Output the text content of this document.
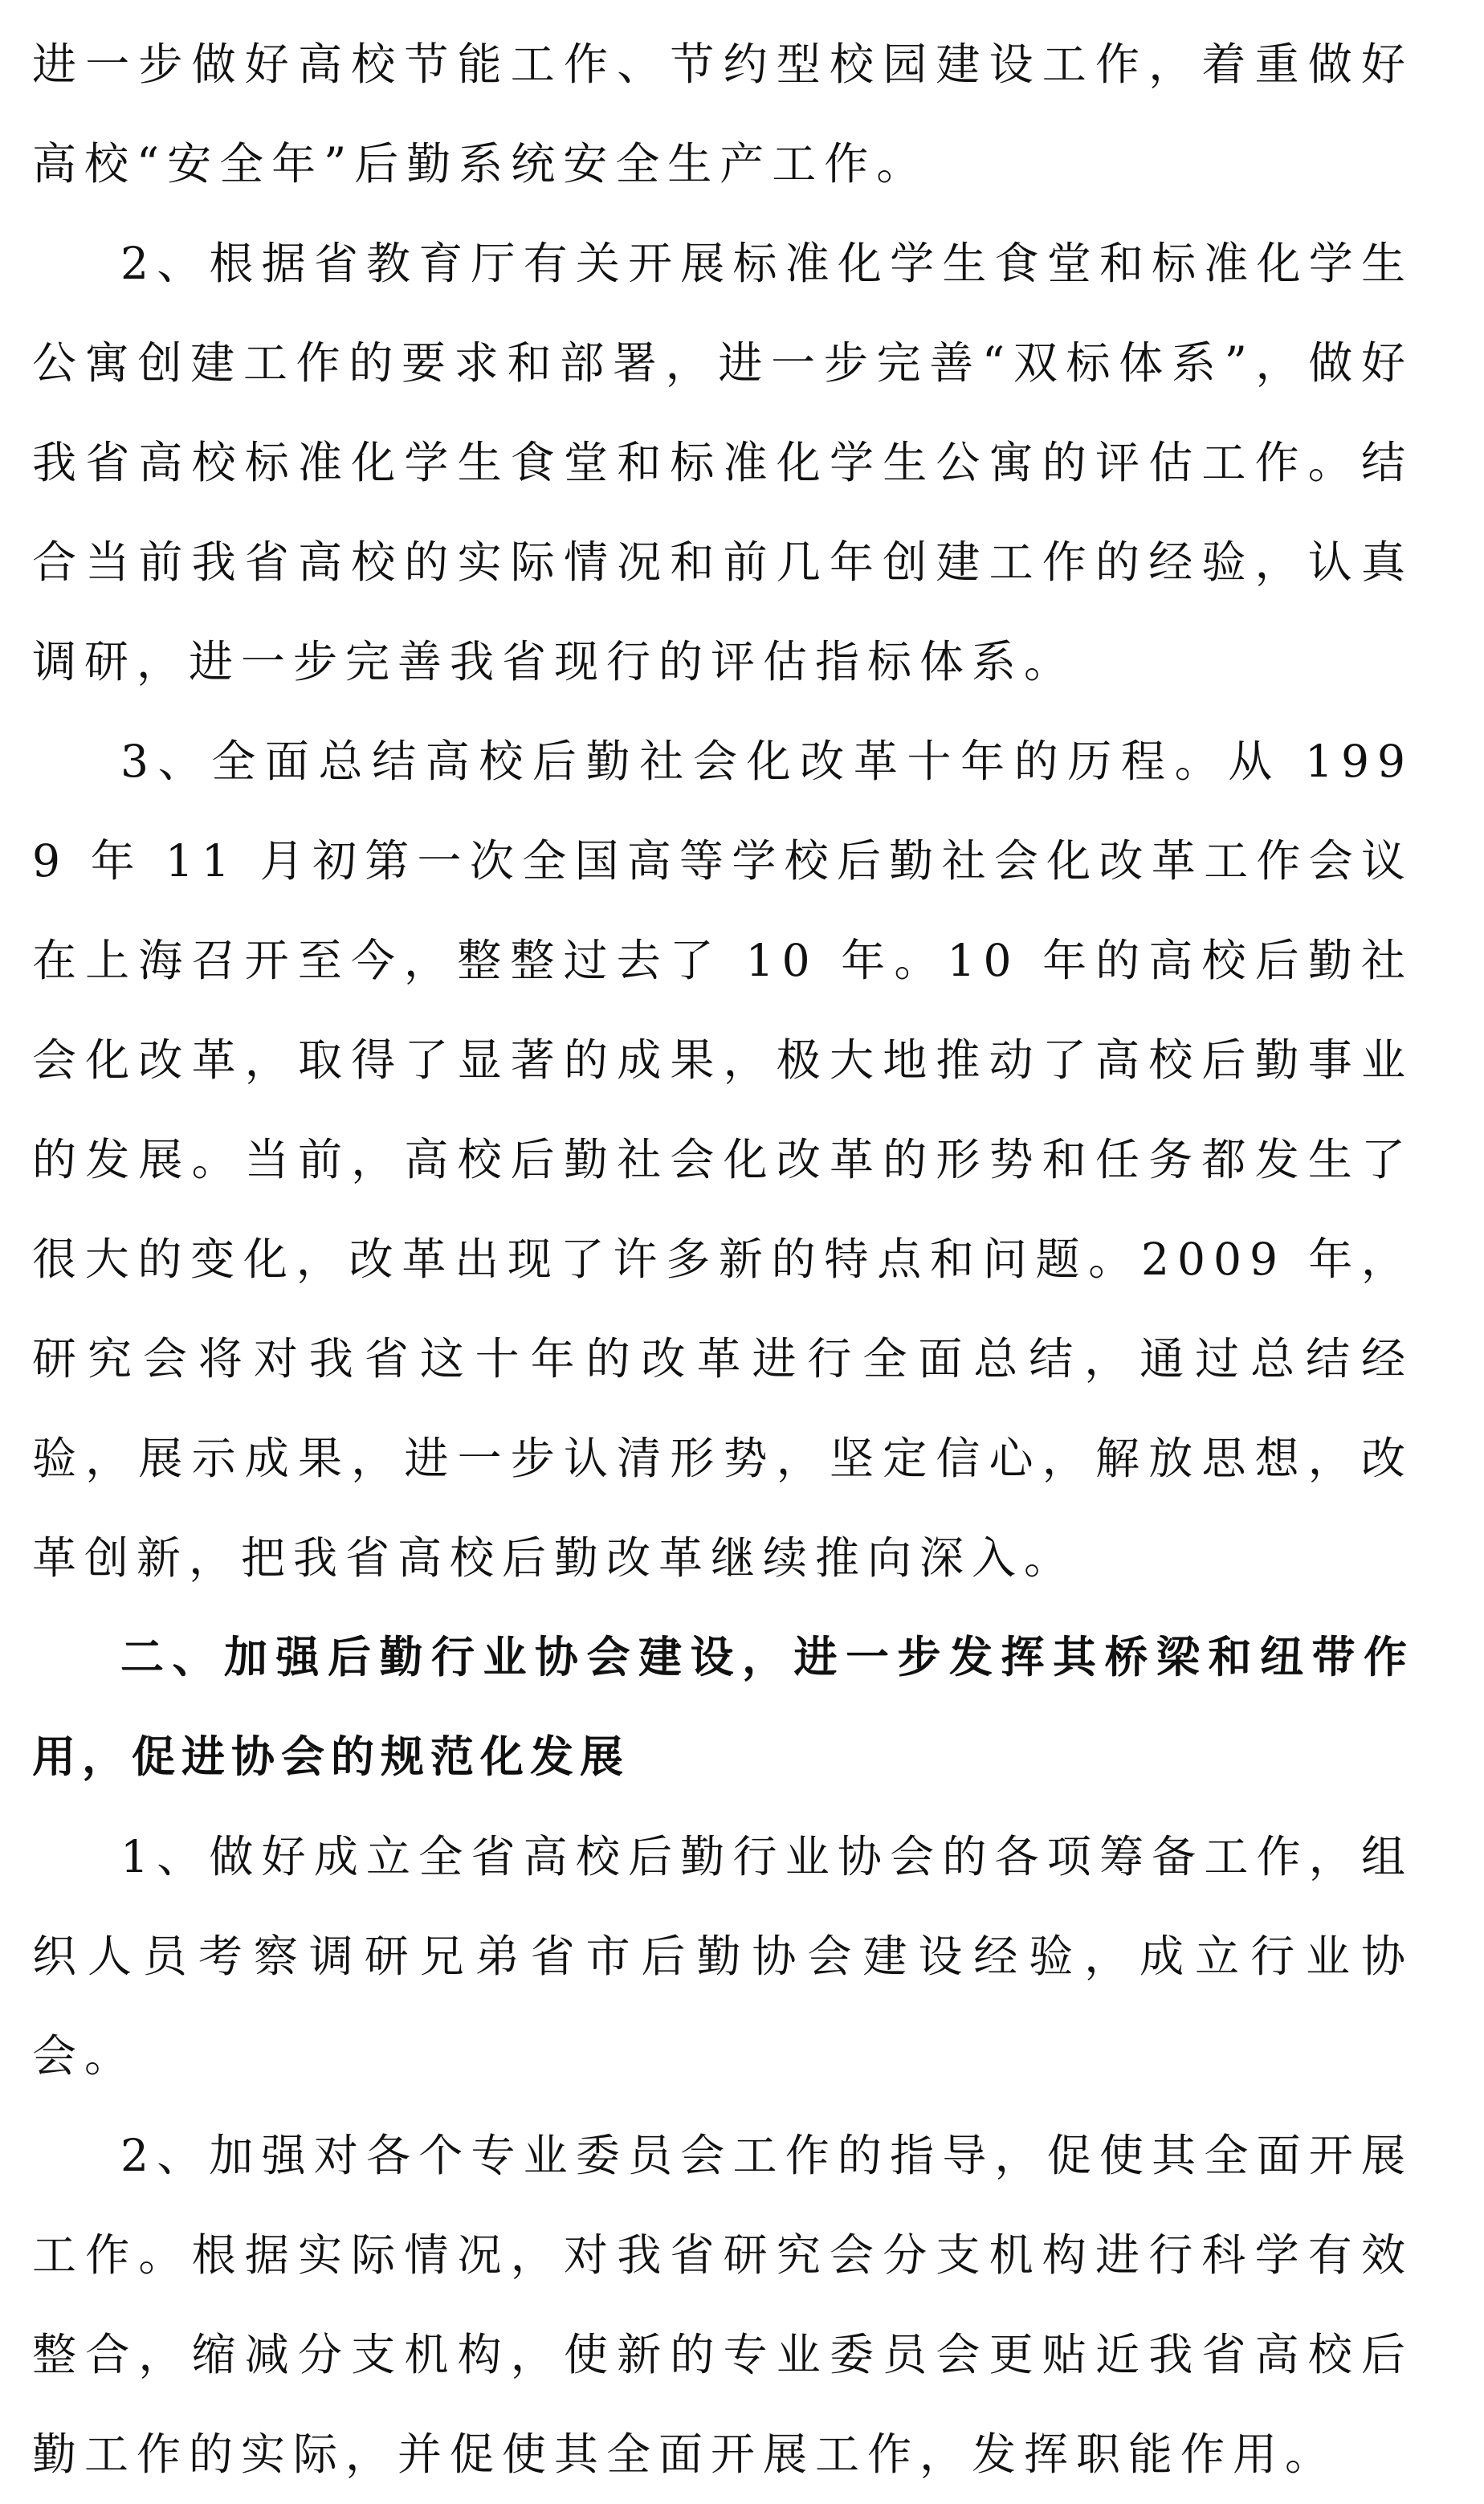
进一步做好高校节能工作、节约型校园建设工作，着重做好高校“安全年”后勤系统安全生产工作。

2、根据省教育厅有关开展标准化学生食堂和标准化学生公寓创建工作的要求和部署，进一步完善“双标体系”，做好我省高校标准化学生食堂和标准化学生公寓的评估工作。结合当前我省高校的实际情况和前几年创建工作的经验，认真调研，进一步完善我省现行的评估指标体系。

3、全面总结高校后勤社会化改革十年的历程。从 1999 年 11 月初第一次全国高等学校后勤社会化改革工作会议在上海召开至今，整整过去了 10 年。10 年的高校后勤社会化改革，取得了显著的成果，极大地推动了高校后勤事业的发展。当前，高校后勤社会化改革的形势和任务都发生了很大的变化，改革出现了许多新的特点和问题。2009 年，研究会将对我省这十年的改革进行全面总结，通过总结经验，展示成果，进一步认清形势，坚定信心，解放思想，改革创新，把我省高校后勤改革继续推向深入。

二、加强后勤行业协会建设，进一步发挥其桥梁和纽带作用，促进协会的规范化发展

1、做好成立全省高校后勤行业协会的各项筹备工作，组织人员考察调研兄弟省市后勤协会建设经验，成立行业协会。

2、加强对各个专业委员会工作的指导，促使其全面开展工作。根据实际情况，对我省研究会分支机构进行科学有效整合，缩减分支机构，使新的专业委员会更贴近我省高校后勤工作的实际，并促使其全面开展工作，发挥职能作用。
